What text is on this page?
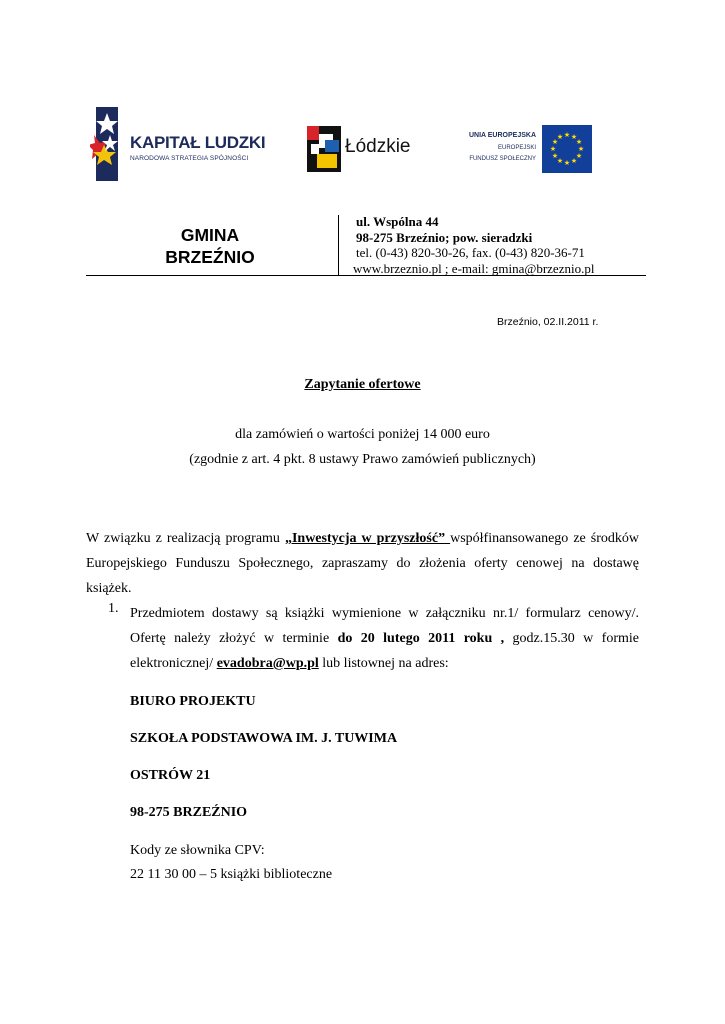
KAPITAŁ LUDZKI
NARODOWA STRATEGIA SPÓJNOŚCI
Łódzkie
UNIA EUROPEJSKA
EUROPEJSKI
FUNDUSZ SPOŁECZNY
★ ★
★
★
★
★
★
★
★
★
★
★
GMINA
BRZEŹNIO
ul. Wspólna 44
98-275 Brzeźnio; pow. sieradzki
tel. (0-43) 820-30-26, fax. (0-43) 820-36-71
www.brzeznio.pl ; e-mail: gmina@brzeznio.pl
Brzeźnio, 02.II.2011 r.
Zapytanie ofertowe
dla zamówień o wartości poniżej 14 000 euro
(zgodnie z art. 4 pkt. 8 ustawy Prawo zamówień publicznych)
W związku z realizacją programu „Inwestycja w przyszłość” współfinansowanego ze środków Europejskiego Funduszu Społecznego, zapraszamy do złożenia oferty cenowej na dostawę książek.
1. Przedmiotem dostawy są książki wymienione w załączniku nr.1/ formularz cenowy/. Ofertę należy złożyć w terminie do 20 lutego 2011 roku , godz.15.30 w formie elektronicznej/ evadobra@wp.pl lub listownej na adres:
BIURO PROJEKTU
SZKOŁA PODSTAWOWA IM. J. TUWIMA
OSTRÓW 21
98-275 BRZEŹNIO
Kody ze słownika CPV:
22 11 30 00 – 5 książki biblioteczne
